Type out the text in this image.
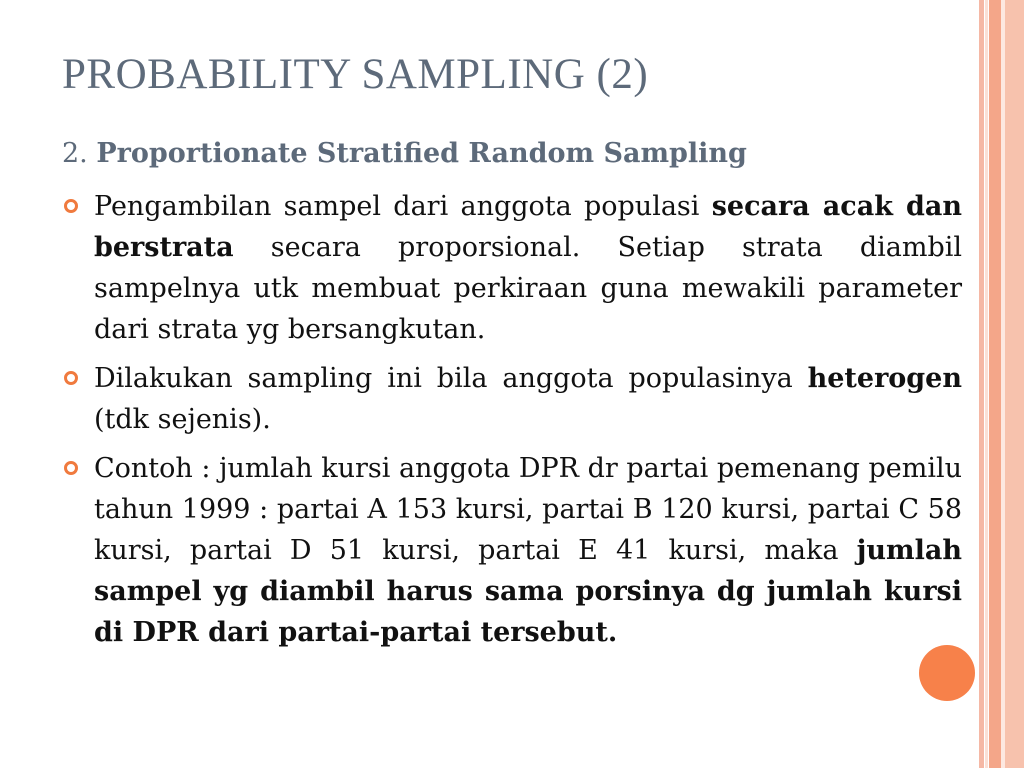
PROBABILITY SAMPLING (2)
2. Proportionate Stratified Random Sampling
Pengambilan sampel dari anggota populasi secara acak dan berstrata secara proporsional. Setiap strata diambil sampelnya utk membuat perkiraan guna mewakili parameter dari strata yg bersangkutan.
Dilakukan sampling ini bila anggota populasinya heterogen (tdk sejenis).
Contoh : jumlah kursi anggota DPR dr partai pemenang pemilu tahun 1999 : partai A 153 kursi, partai B 120 kursi, partai C 58 kursi, partai D 51 kursi, partai E 41 kursi, maka jumlah sampel yg diambil harus sama porsinya dg jumlah kursi di DPR dari partai-partai tersebut.
